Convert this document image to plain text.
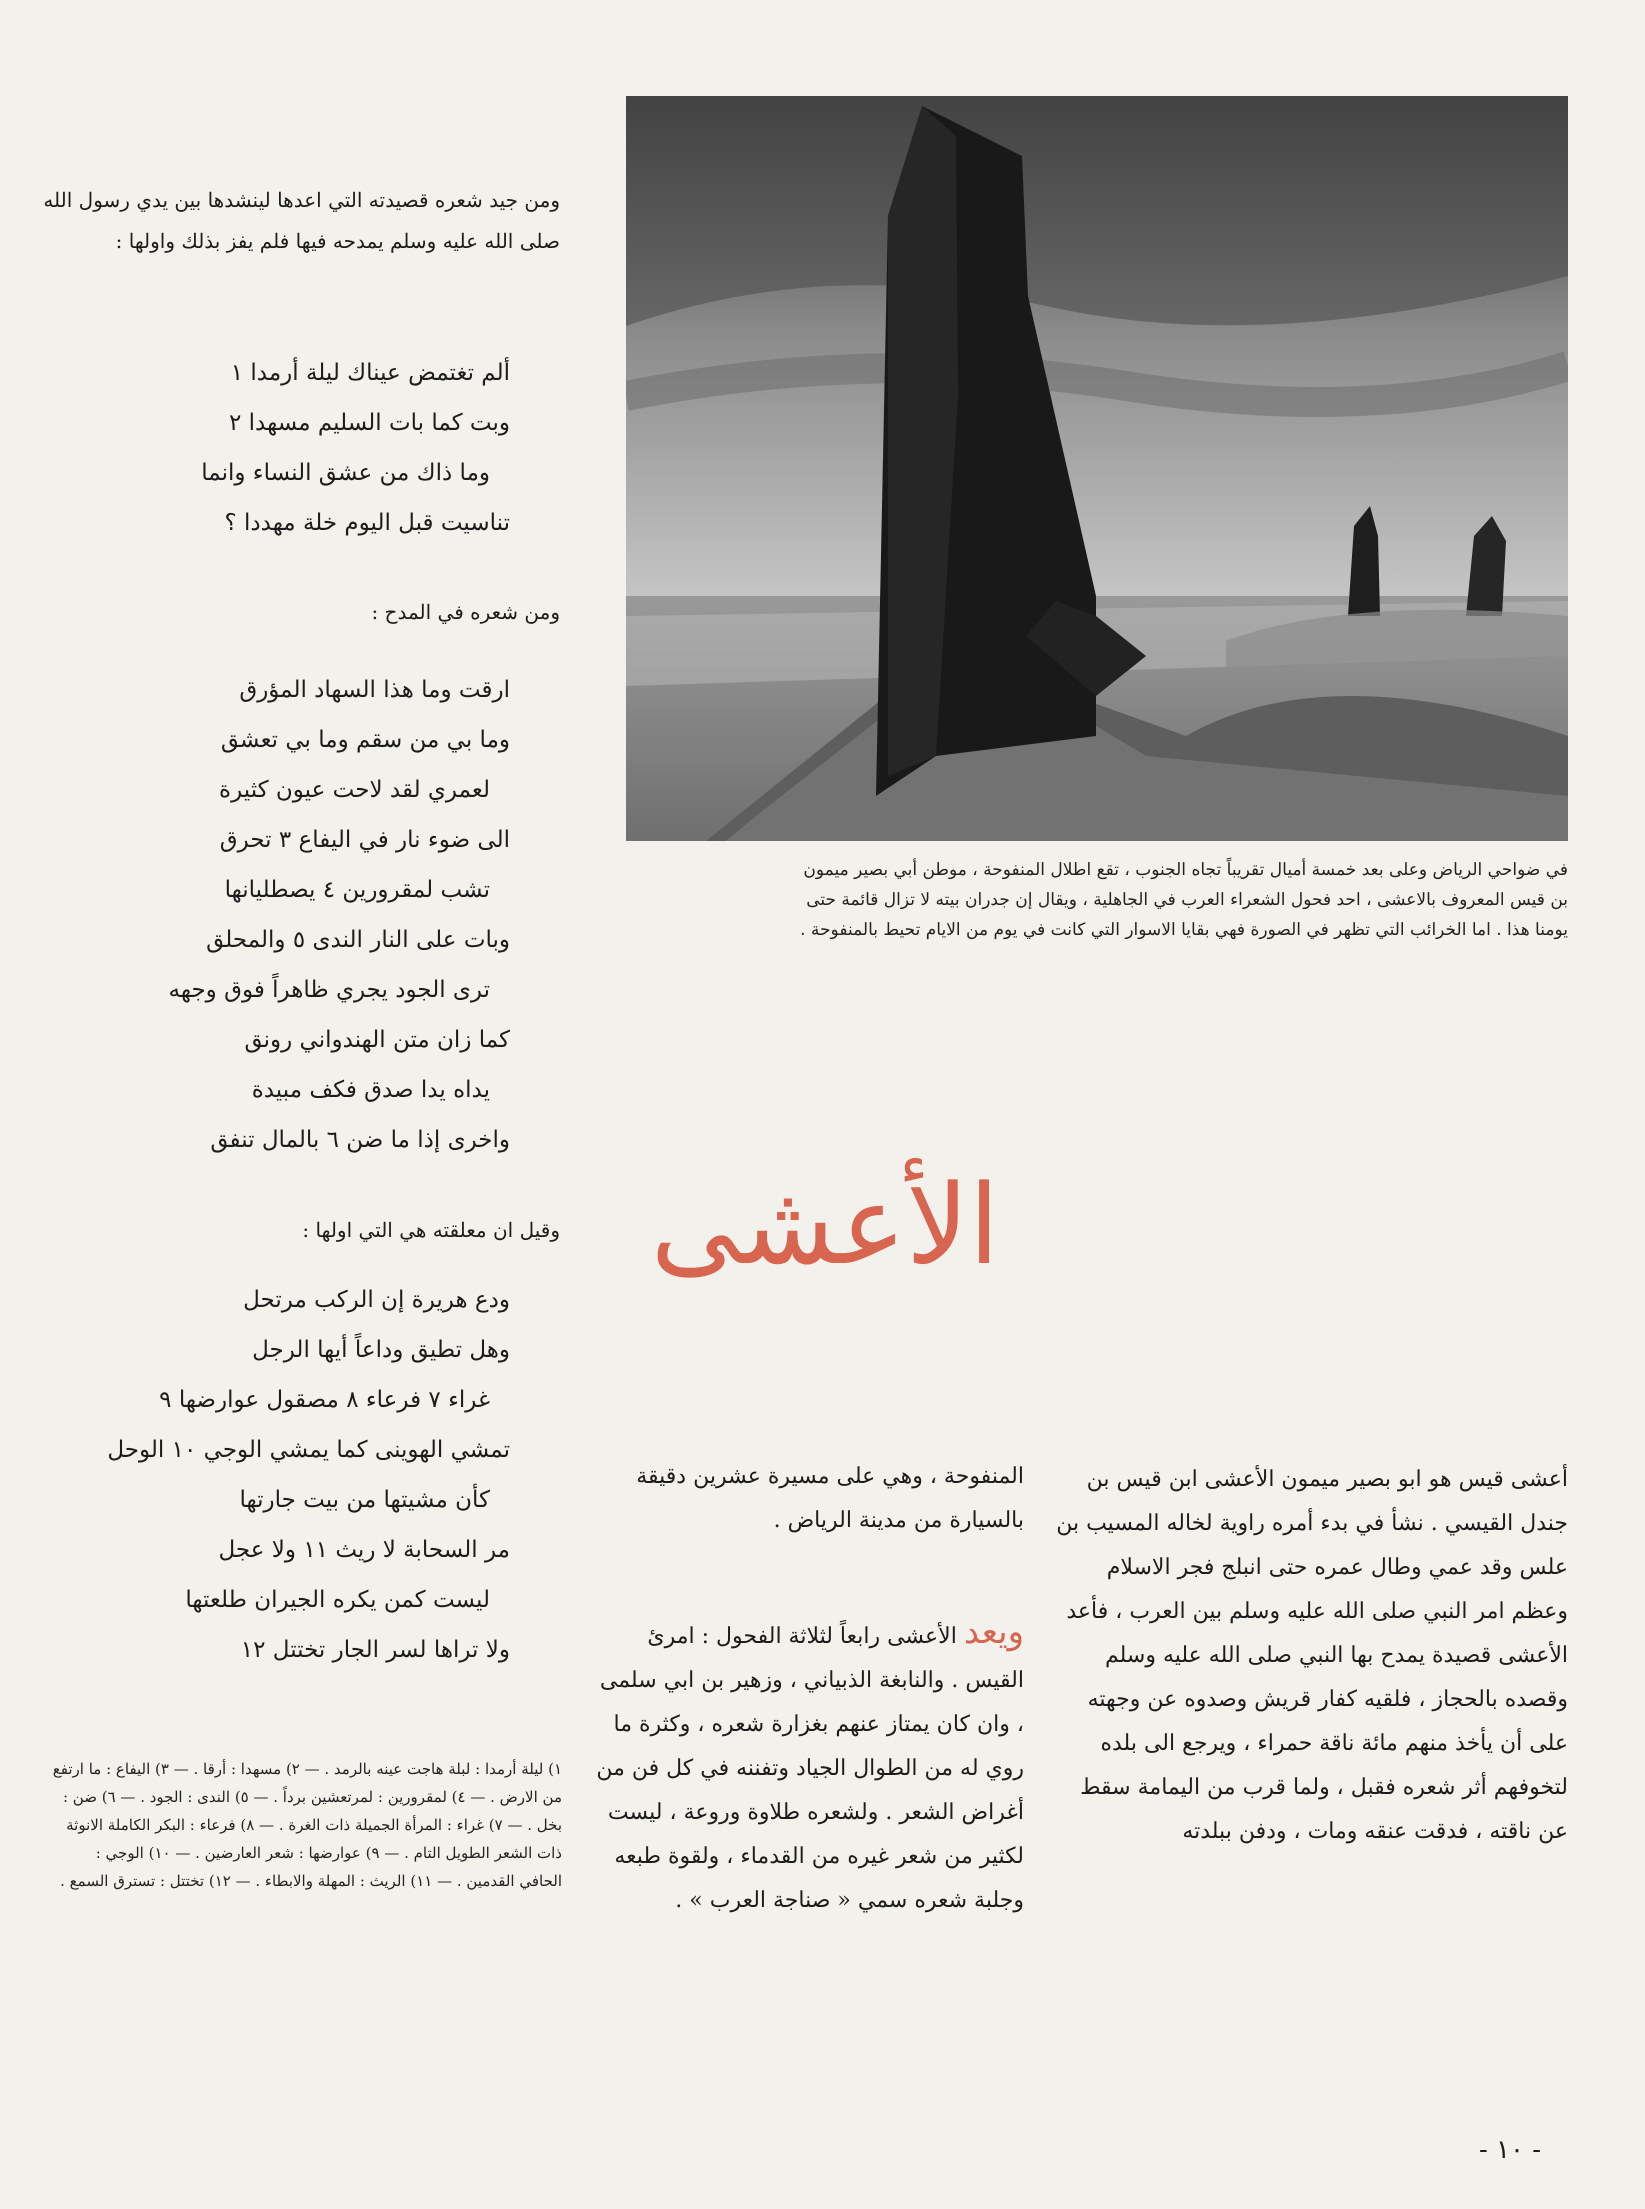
في ضواحي الرياض وعلى بعد خمسة أميال تقريباً تجاه الجنوب ، تقع اطلال المنفوحة ، موطن أبي بصير ميمون بن قيس المعروف بالاعشى ، احد فحول الشعراء العرب في الجاهلية ، ويقال إن جدران بيته لا تزال قائمة حتى يومنا هذا . اما الخرائب التي تظهر في الصورة فهي بقايا الاسوار التي كانت في يوم من الايام تحيط بالمنفوحة .
الأعشى
ومن جيد شعره قصيدته التي اعدها لينشدها بين يدي رسول الله صلى الله عليه وسلم يمدحه فيها فلم يفز بذلك واولها :
ألم تغتمض عيناك ليلة أرمدا ١
وبت كما بات السليم مسهدا ٢
وما ذاك من عشق النساء وانما
تناسيت قبل اليوم خلة مهددا ؟
ومن شعره في المدح :
ارقت وما هذا السهاد المؤرق
وما بي من سقم وما بي تعشق
لعمري لقد لاحت عيون كثيرة
الى ضوء نار في اليفاع ٣ تحرق
تشب لمقرورين ٤ يصطليانها
وبات على النار الندى ٥ والمحلق
ترى الجود يجري ظاهراً فوق وجهه
كما زان متن الهندواني رونق
يداه يدا صدق فكف مبيدة
واخرى إذا ما ضن ٦ بالمال تنفق
وقيل ان معلقته هي التي اولها :
ودع هريرة إن الركب مرتحل
وهل تطيق وداعاً أيها الرجل
غراء ٧ فرعاء ٨ مصقول عوارضها ٩
تمشي الهوينى كما يمشي الوجي ١٠ الوحل
كأن مشيتها من بيت جارتها
مر السحابة لا ريث ١١ ولا عجل
ليست كمن يكره الجيران طلعتها
ولا تراها لسر الجار تختتل ١٢
١) ليلة أرمدا : لبلة هاجت عينه بالرمد . — ٢) مسهدا : أرقا . — ٣) اليفاع : ما ارتفع من الارض . — ٤) لمقرورين : لمرتعشين برداً . — ٥) الندى : الجود . — ٦) ضن : بخل . — ٧) غراء : المرأة الجميلة ذات الغرة . — ٨) فرعاء : البكر الكاملة الانوثة ذات الشعر الطويل التام . — ٩) عوارضها : شعر العارضين . — ١٠) الوجي : الحافي القدمين . — ١١) الريث : المهلة والابطاء . — ١٢) تختتل : تسترق السمع .
أعشى قيس هو ابو بصير ميمون الأعشى ابن قيس بن جندل القيسي . نشأ في بدء أمره راوية لخاله المسيب بن علس وقد عمي وطال عمره حتى انبلج فجر الاسلام وعظم امر النبي صلى الله عليه وسلم بين العرب ، فأعد الأعشى قصيدة يمدح بها النبي صلى الله عليه وسلم وقصده بالحجاز ، فلقيه كفار قريش وصدوه عن وجهته على أن يأخذ منهم مائة ناقة حمراء ، ويرجع الى بلده لتخوفهم أثر شعره فقبل ، ولما قرب من اليمامة سقط عن ناقته ، فدقت عنقه ومات ، ودفن ببلدته
المنفوحة ، وهي على مسيرة عشرين دقيقة بالسيارة من مدينة الرياض .
ويعد الأعشى رابعاً لثلاثة الفحول : امرئ القيس . والنابغة الذبياني ، وزهير بن ابي سلمى ، وان كان يمتاز عنهم بغزارة شعره ، وكثرة ما روي له من الطوال الجياد وتفننه في كل فن من أغراض الشعر . ولشعره طلاوة وروعة ، ليست لكثير من شعر غيره من القدماء ، ولقوة طبعه وجلبة شعره سمي « صناجة العرب » .
- ١٠ -
